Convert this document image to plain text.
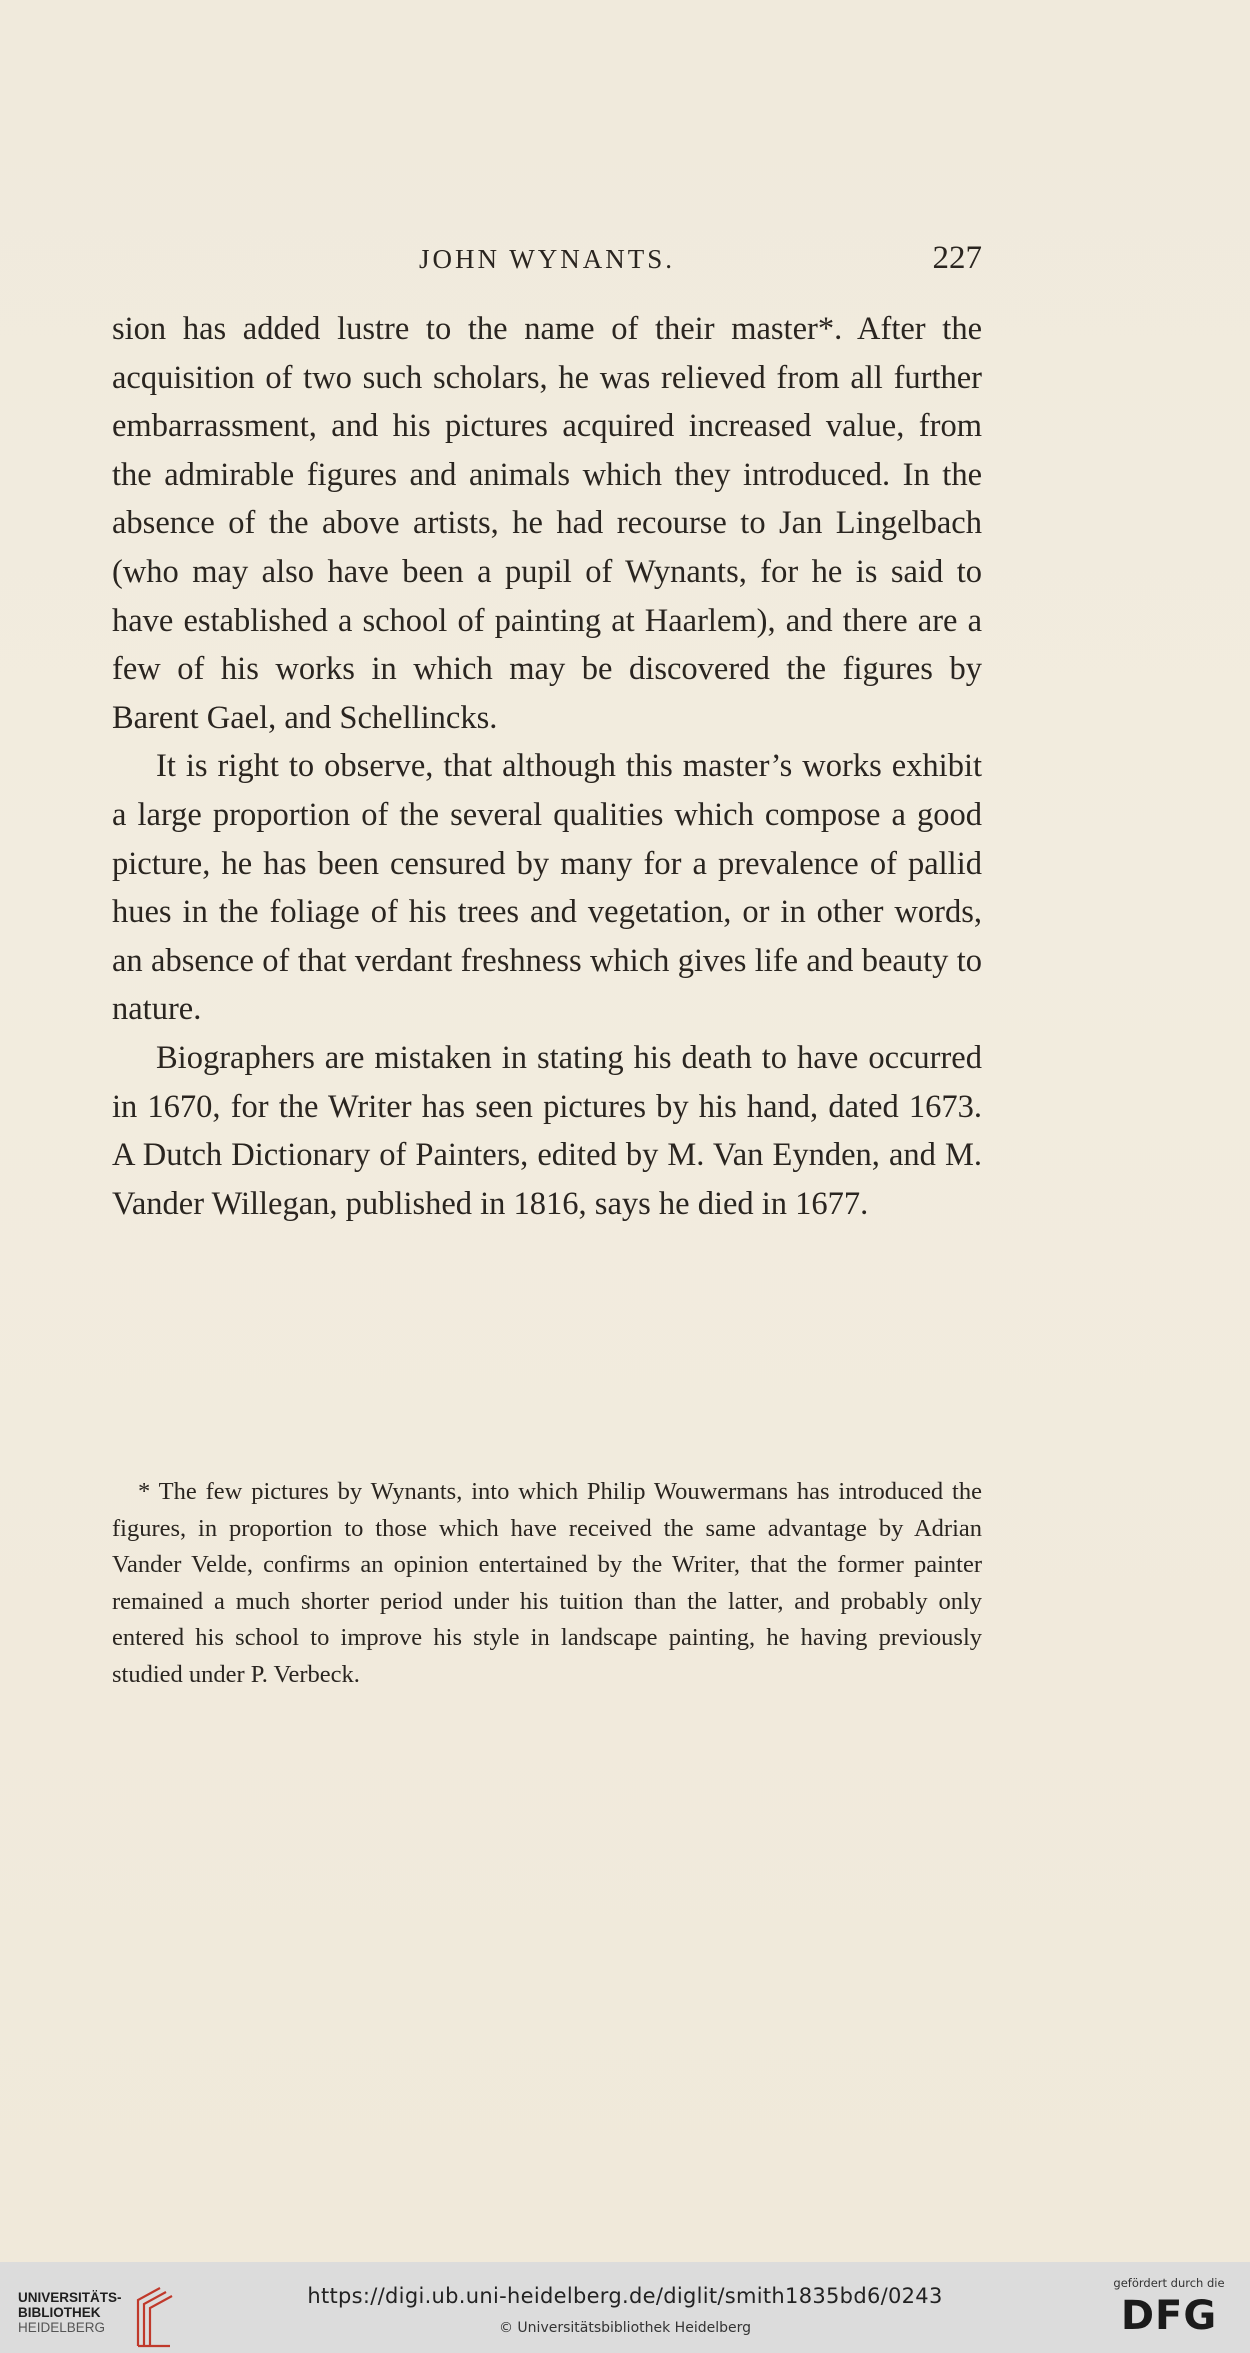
JOHN WYNANTS.	227

sion has added lustre to the name of their master*. After the acquisition of two such scholars, he was relieved from all further embarrassment, and his pictures acquired increased value, from the admirable figures and animals which they introduced. In the absence of the above artists, he had recourse to Jan Lingelbach (who may also have been a pupil of Wynants, for he is said to have established a school of painting at Haarlem), and there are a few of his works in which may be discovered the figures by Barent Gael, and Schellincks.

It is right to observe, that although this master’s works exhibit a large proportion of the several qualities which compose a good picture, he has been censured by many for a prevalence of pallid hues in the foliage of his trees and vegetation, or in other words, an absence of that verdant freshness which gives life and beauty to nature.

Biographers are mistaken in stating his death to have occurred in 1670, for the Writer has seen pictures by his hand, dated 1673. A Dutch Dictionary of Painters, edited by M. Van Eynden, and M. Vander Willegan, published in 1816, says he died in 1677.

* The few pictures by Wynants, into which Philip Wouwermans has introduced the figures, in proportion to those which have received the same advantage by Adrian Vander Velde, confirms an opinion entertained by the Writer, that the former painter remained a much shorter period under his tuition than the latter, and probably only entered his school to improve his style in landscape painting, he having previously studied under P. Verbeck.

UNIVERSITÄTS-
BIBLIOTHEK
HEIDELBERG
https://digi.ub.uni-heidelberg.de/diglit/smith1835bd6/0243
© Universitätsbibliothek Heidelberg
gefördert durch die
DFG
